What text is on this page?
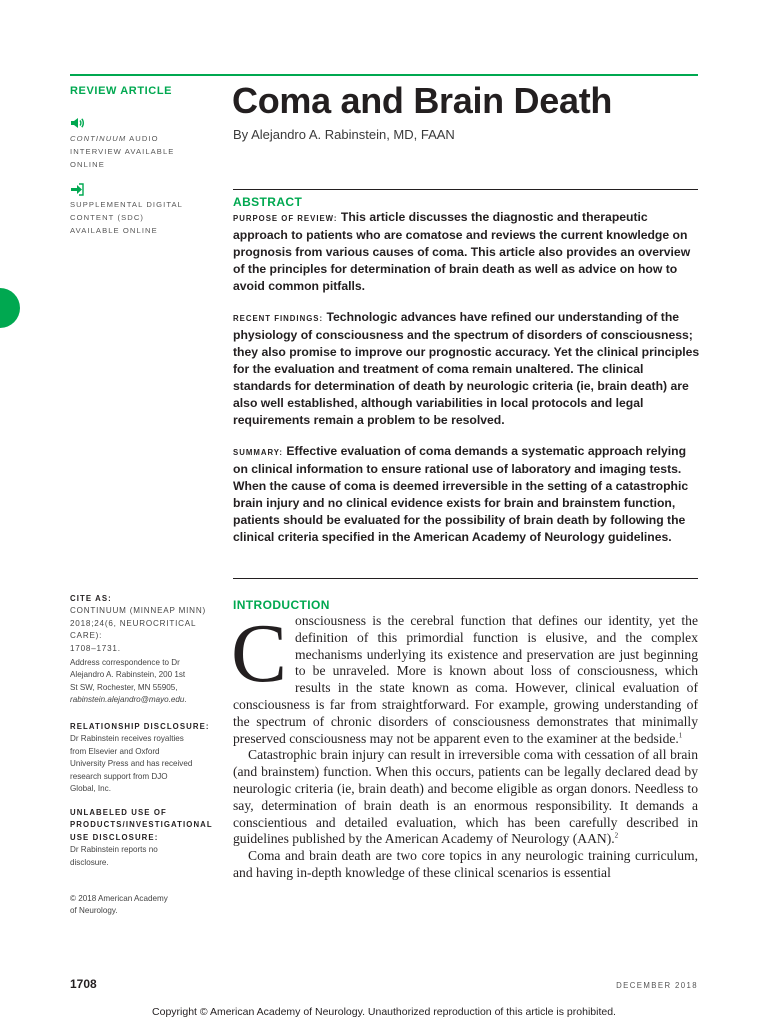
REVIEW ARTICLE Coma and Brain Death
By Alejandro A. Rabinstein, MD, FAAN
CONTINUUM AUDIO
INTERVIEW AVAILABLE
ONLINE
SUPPLEMENTAL DIGITAL
CONTENT (SDC)
AVAILABLE ONLINE
ABSTRACT

PURPOSE OF REVIEW: This article discusses the diagnostic and therapeutic approach to patients who are comatose and reviews the current knowledge on prognosis from various causes of coma. This article also provides an overview of the principles for determination of brain death as well as advice on how to avoid common pitfalls.

RECENT FINDINGS: Technologic advances have refined our understanding of the physiology of consciousness and the spectrum of disorders of consciousness; they also promise to improve our prognostic accuracy. Yet the clinical principles for the evaluation and treatment of coma remain unaltered. The clinical standards for determination of death by neurologic criteria (ie, brain death) are also well established, although variabilities in local protocols and legal requirements remain a problem to be resolved.

SUMMARY: Effective evaluation of coma demands a systematic approach relying on clinical information to ensure rational use of laboratory and imaging tests. When the cause of coma is deemed irreversible in the setting of a catastrophic brain injury and no clinical evidence exists for brain and brainstem function, patients should be evaluated for the possibility of brain death by following the clinical criteria specified in the American Academy of Neurology guidelines.

CITE AS:
CONTINUUM (MINNEAP MINN)
2018;24(6, NEUROCRITICAL CARE):
1708–1731.
Address correspondence to Dr
Alejandro A. Rabinstein, 200 1st
St SW, Rochester, MN 55905,
rabinstein.alejandro@mayo.edu.
RELATIONSHIP DISCLOSURE:
Dr Rabinstein receives royalties
from Elsevier and Oxford
University Press and has received
research support from DJO
Global, Inc.
UNLABELED USE OF
PRODUCTS/INVESTIGATIONAL
USE DISCLOSURE:
Dr Rabinstein reports no
disclosure.
© 2018 American Academy
of Neurology.
INTRODUCTION

Consciousness is the cerebral function that defines our identity, yet the definition of this primordial function is elusive, and the complex mechanisms underlying its existence and preservation are just beginning to be unraveled. More is known about loss of consciousness, which results in the state known as coma. However, clinical evaluation of consciousness is far from straightforward. For example, growing understanding of the spectrum of chronic disorders of consciousness demonstrates that minimally preserved consciousness may not be apparent even to the examiner at the bedside.$^1$

Catastrophic brain injury can result in irreversible coma with cessation of all brain (and brainstem) function. When this occurs, patients can be legally declared dead by neurologic criteria (ie, brain death) and become eligible as organ donors. Needless to say, determination of brain death is an enormous responsibility. It demands a conscientious and detailed evaluation, which has been carefully described in guidelines published by the American Academy of Neurology (AAN).$^2$

Coma and brain death are two core topics in any neurologic training curriculum, and having in-depth knowledge of these clinical scenarios is essential

1708	DECEMBER 2018
Copyright © American Academy of Neurology. Unauthorized reproduction of this article is prohibited.
